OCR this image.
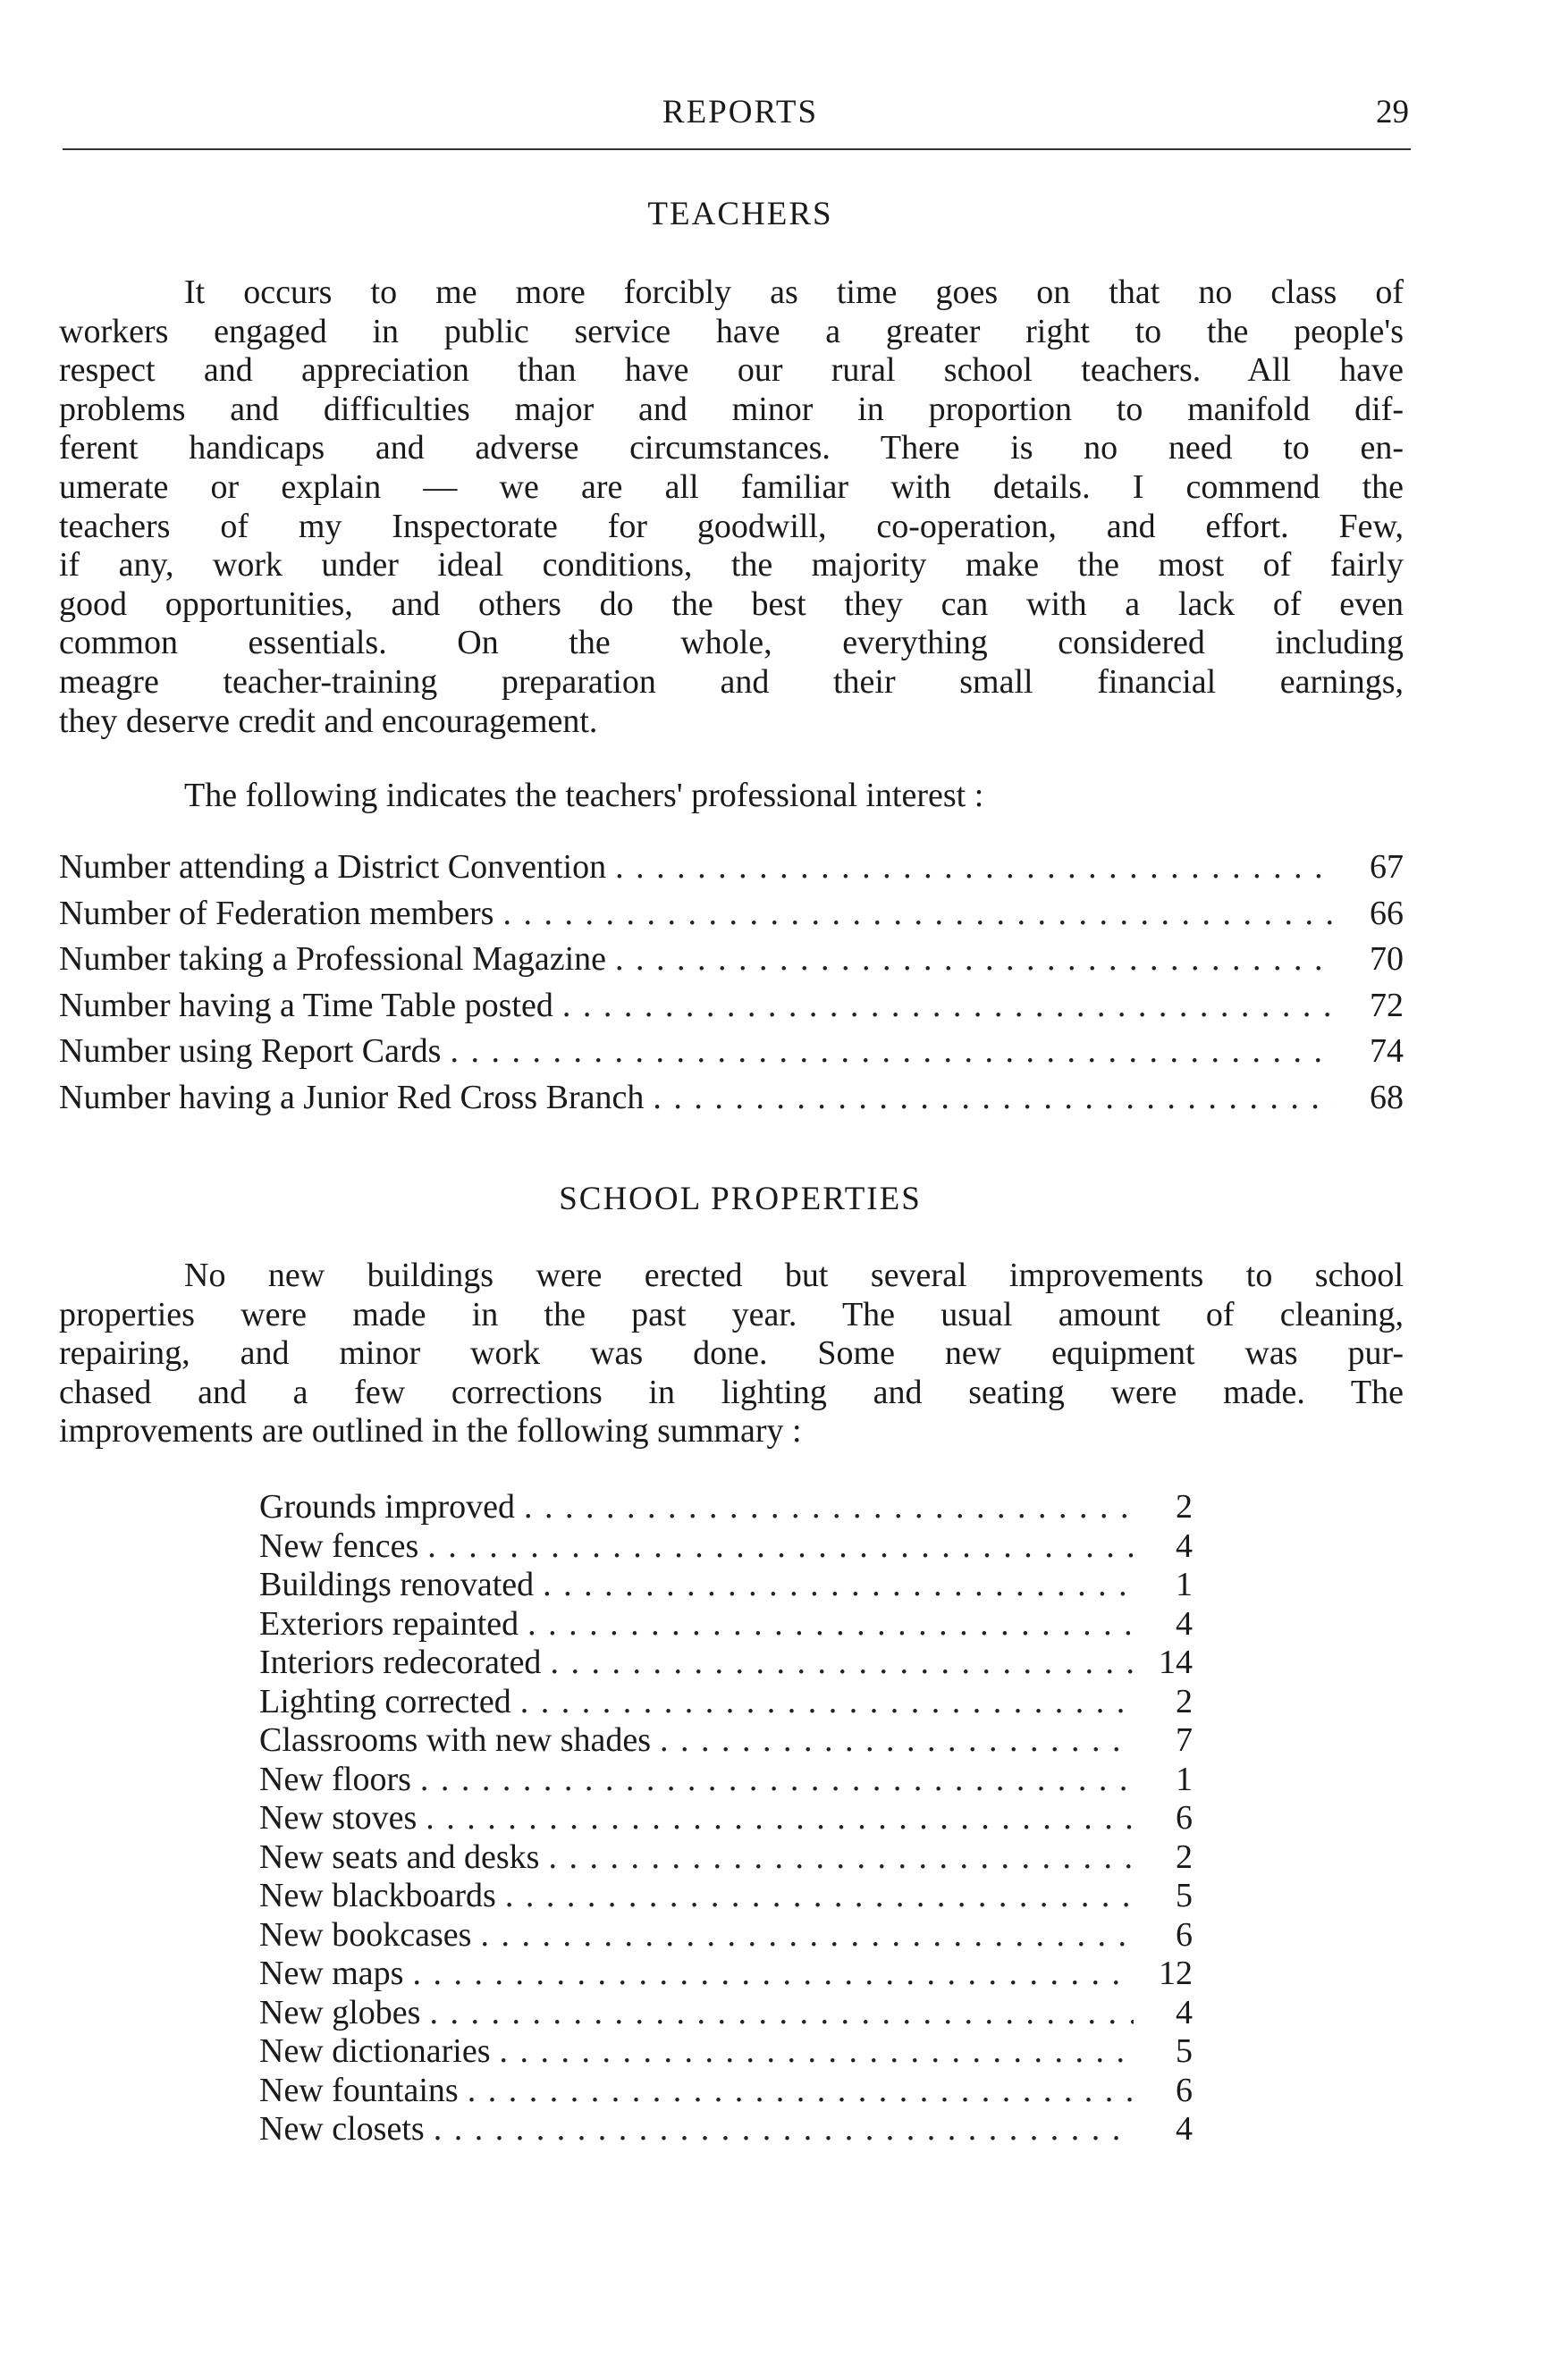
REPORTS	29
TEACHERS
It occurs to me more forcibly as time goes on that no class of
workers engaged in public service have a greater right to the people's
respect and appreciation than have our rural school teachers. All have
problems and difficulties major and minor in proportion to manifold dif-
ferent handicaps and adverse circumstances. There is no need to en-
umerate or explain — we are all familiar with details. I commend the
teachers of my Inspectorate for goodwill, co-operation, and effort. Few,
if any, work under ideal conditions, the majority make the most of fairly
good opportunities, and others do the best they can with a lack of even
common essentials. On the whole, everything considered including
meagre teacher-training preparation and their small financial earnings,
they deserve credit and encouragement.
The following indicates the teachers' professional interest :
Number attending a District Convention . . .	67
Number of Federation members . . .	66
Number taking a Professional Magazine . . .	70
Number having a Time Table posted . . .	72
Number using Report Cards . . .	74
Number having a Junior Red Cross Branch . . .	68
SCHOOL PROPERTIES
No new buildings were erected but several improvements to school
properties were made in the past year. The usual amount of cleaning,
repairing, and minor work was done. Some new equipment was pur-
chased and a few corrections in lighting and seating were made. The
improvements are outlined in the following summary :
Grounds improved . . .	2
New fences . . .	4
Buildings renovated . . .	1
Exteriors repainted . . .	4
Interiors redecorated . . .	14
Lighting corrected . . .	2
Classrooms with new shades . . .	7
New floors . . .	1
New stoves . . .	6
New seats and desks . . .	2
New blackboards . . .	5
New bookcases . . .	6
New maps . . .	12
New globes . . .	4
New dictionaries . . .	5
New fountains . . .	6
New closets . . .	4
